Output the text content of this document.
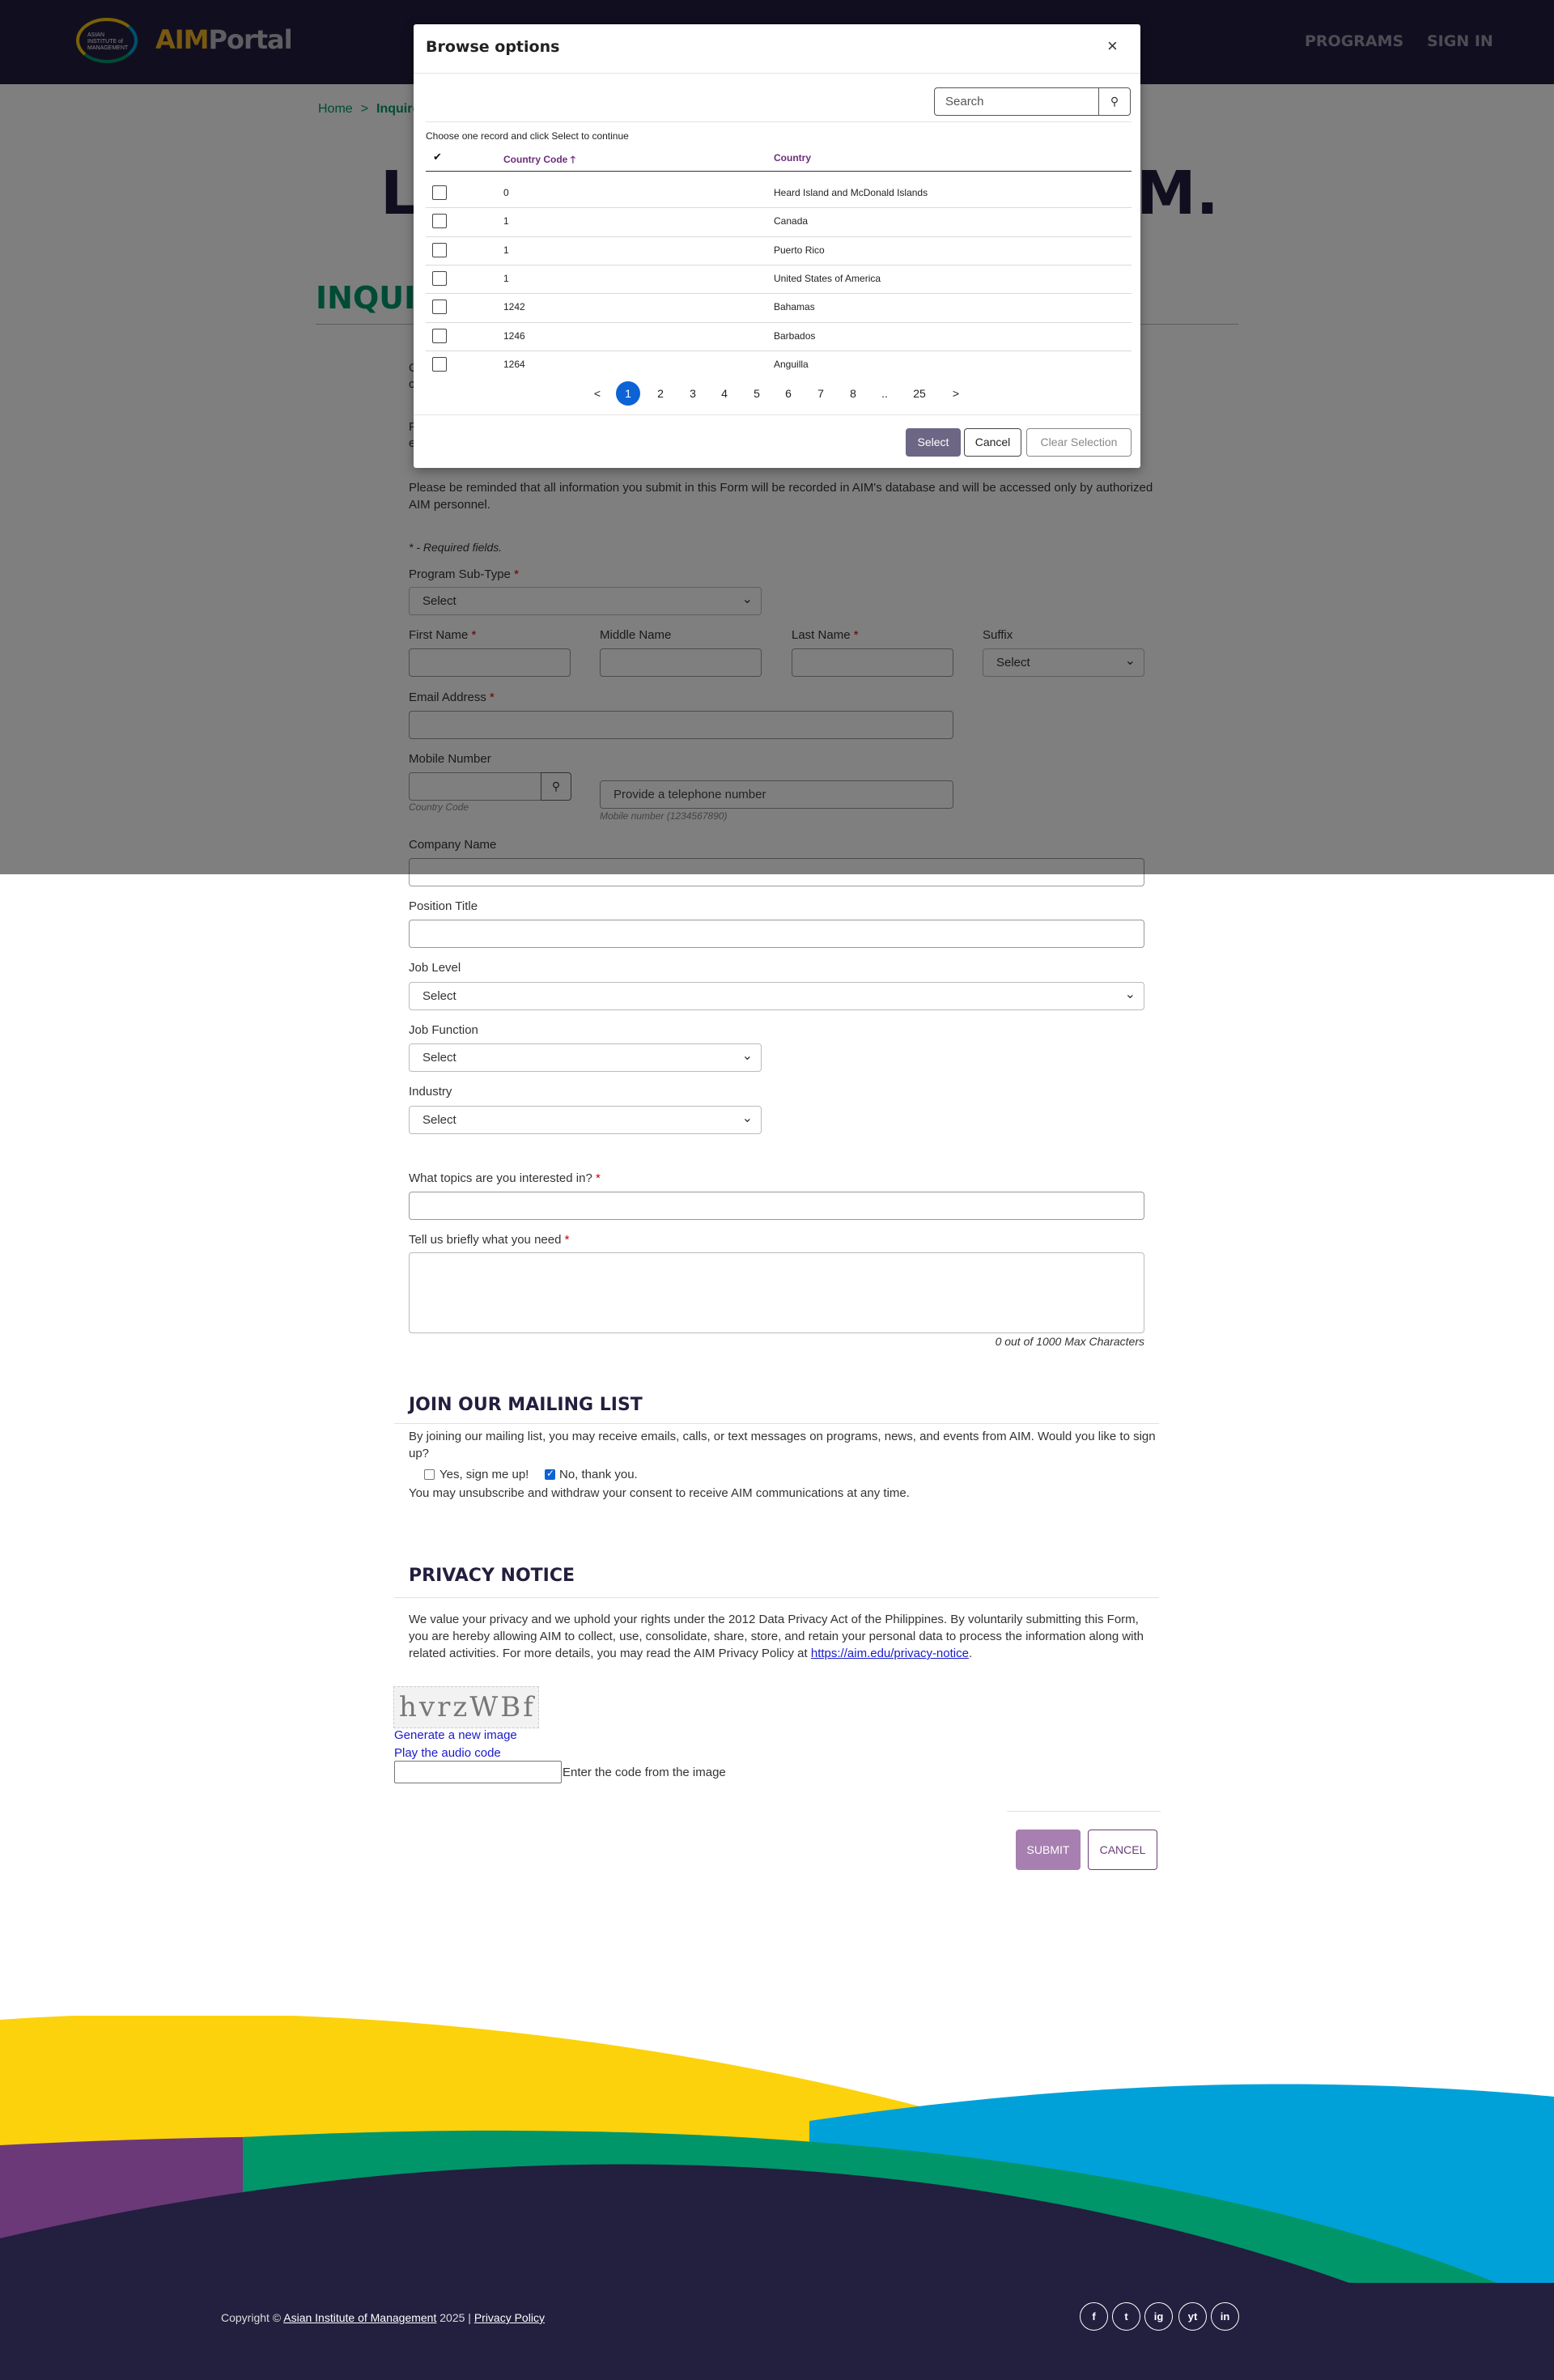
⌄
⌄
Position Title
Job Level
Select ⌄
Job Function
Select ⌄
Industry
Select ⌄
What topics are you interested in? *
Tell us briefly what you need *
0 out of 1000 Max Characters
JOIN OUR MAILING LIST
By joining our mailing list, you may receive emails, calls, or text messages on programs, news, and events from AIM. Would you like to sign up?
Yes, sign me up! ✓	No, thank you.
You may unsubscribe and withdraw your consent to receive AIM communications at any time.
PRIVACY NOTICE
We value your privacy and we uphold your rights under the 2012 Data Privacy Act of the Philippines. By voluntarily submitting this Form, you are hereby allowing AIM to collect, use, consolidate, share, store, and retain your personal data to process the information along with related activities. For more details, you may read the AIM Privacy Policy at https://aim.edu/privacy-notice.
hvrzWBf
Generate a new image
Play the audio code
Enter the code from the image
SUBMIT	CANCEL
Copyright © Asian Institute of Management 2025 | Privacy Policy	f	t	ig	yt	in
Browse options	×
Search	⚲
Choose one record and click Select to continue
✔	Country Code 🡑	Country
0	Heard Island and McDonald Islands
1	Canada
1	Puerto Rico
1	United States of America
1242	Bahamas
1246	Barbados
1264	Anguilla
<	1	2	3	4	5	6	7	8	..	25	>
Select	Cancel	Clear Selection
